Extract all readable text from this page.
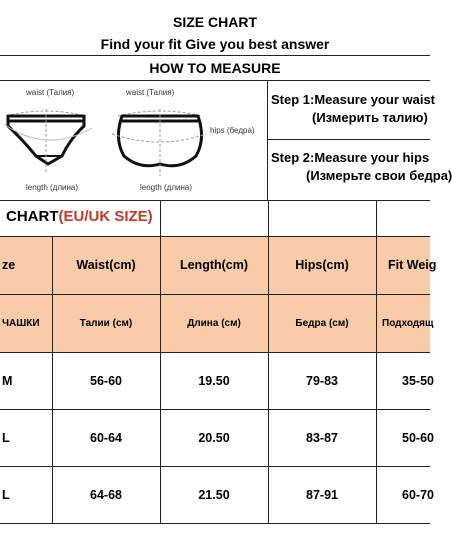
SIZE CHART
Find your fit Give you best answer
HOW TO MEASURE
waist (Талия)
length (длина)
waist (Талия)
hips (бедра)
length (длина)
Step 1:Measure your waist
(Измерить талию)
Step 2:Measure your hips
(Измерьте свои бедра)
CHART(EU/UK SIZE)
ze	Waist(cm)	Length(cm)	Hips(cm)	Fit Weig
ЧАШКИ	Талии (см)	Длина (см)	Бедра (см)	Подходящ
M	56-60	19.50	79-83	35-50
L	60-64	20.50	83-87	50-60
L	64-68	21.50	87-91	60-70
